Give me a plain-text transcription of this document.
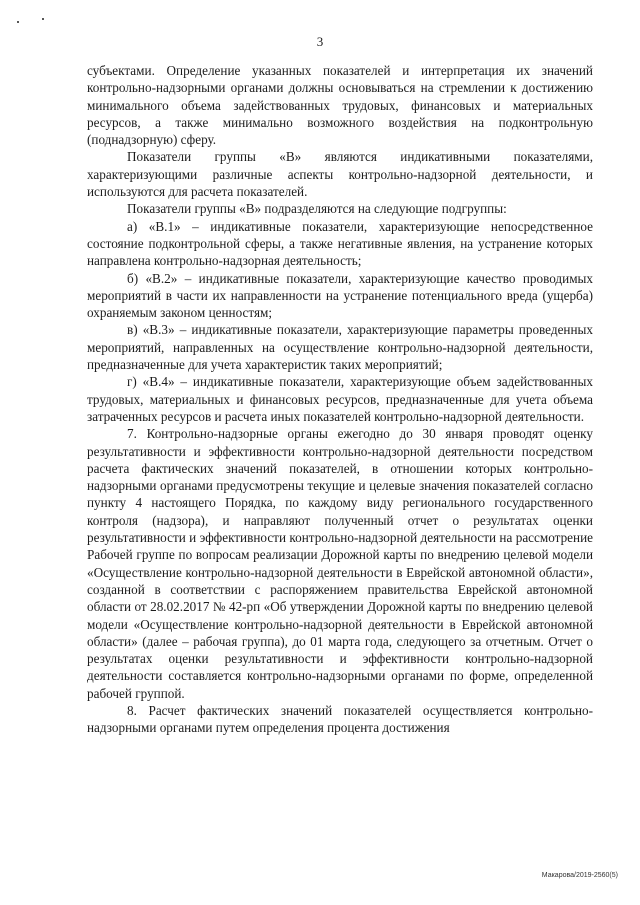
3

субъектами. Определение указанных показателей и интерпретация их значений контрольно-надзорными органами должны основываться на стремлении к достижению минимального объема задействованных трудовых, финансовых и материальных ресурсов, а также минимально возможного воздействия на подконтрольную (поднадзорную) сферу.

Показатели группы «В» являются индикативными показателями, характеризующими различные аспекты контрольно-надзорной деятельности, и используются для расчета показателей.

Показатели группы «В» подразделяются на следующие подгруппы:

а) «В.1» – индикативные показатели, характеризующие непосредственное состояние подконтрольной сферы, а также негативные явления, на устранение которых направлена контрольно-надзорная деятельность;

б) «В.2» – индикативные показатели, характеризующие качество проводимых мероприятий в части их направленности на устранение потенциального вреда (ущерба) охраняемым законом ценностям;

в) «В.3» – индикативные показатели, характеризующие параметры проведенных мероприятий, направленных на осуществление контрольно-надзорной деятельности, предназначенные для учета характеристик таких мероприятий;

г) «В.4» – индикативные показатели, характеризующие объем задействованных трудовых, материальных и финансовых ресурсов, предназначенные для учета объема затраченных ресурсов и расчета иных показателей контрольно-надзорной деятельности.

7. Контрольно-надзорные органы ежегодно до 30 января проводят оценку результативности и эффективности контрольно-надзорной деятельности посредством расчета фактических значений показателей, в отношении которых контрольно-надзорными органами предусмотрены текущие и целевые значения показателей согласно пункту 4 настоящего Порядка, по каждому виду регионального государственного контроля (надзора), и направляют полученный отчет о результатах оценки результативности и эффективности контрольно-надзорной деятельности на рассмотрение Рабочей группе по вопросам реализации Дорожной карты по внедрению целевой модели «Осуществление контрольно-надзорной деятельности в Еврейской автономной области», созданной в соответствии с распоряжением правительства Еврейской автономной области от 28.02.2017 № 42-рп «Об утверждении Дорожной карты по внедрению целевой модели «Осуществление контрольно-надзорной деятельности в Еврейской автономной области» (далее – рабочая группа), до 01 марта года, следующего за отчетным. Отчет о результатах оценки результативности и эффективности контрольно-надзорной деятельности составляется контрольно-надзорными органами по форме, определенной рабочей группой.

8. Расчет фактических значений показателей осуществляется контрольно-надзорными органами путем определения процента достижения

Макарова/2019-2560(5)
